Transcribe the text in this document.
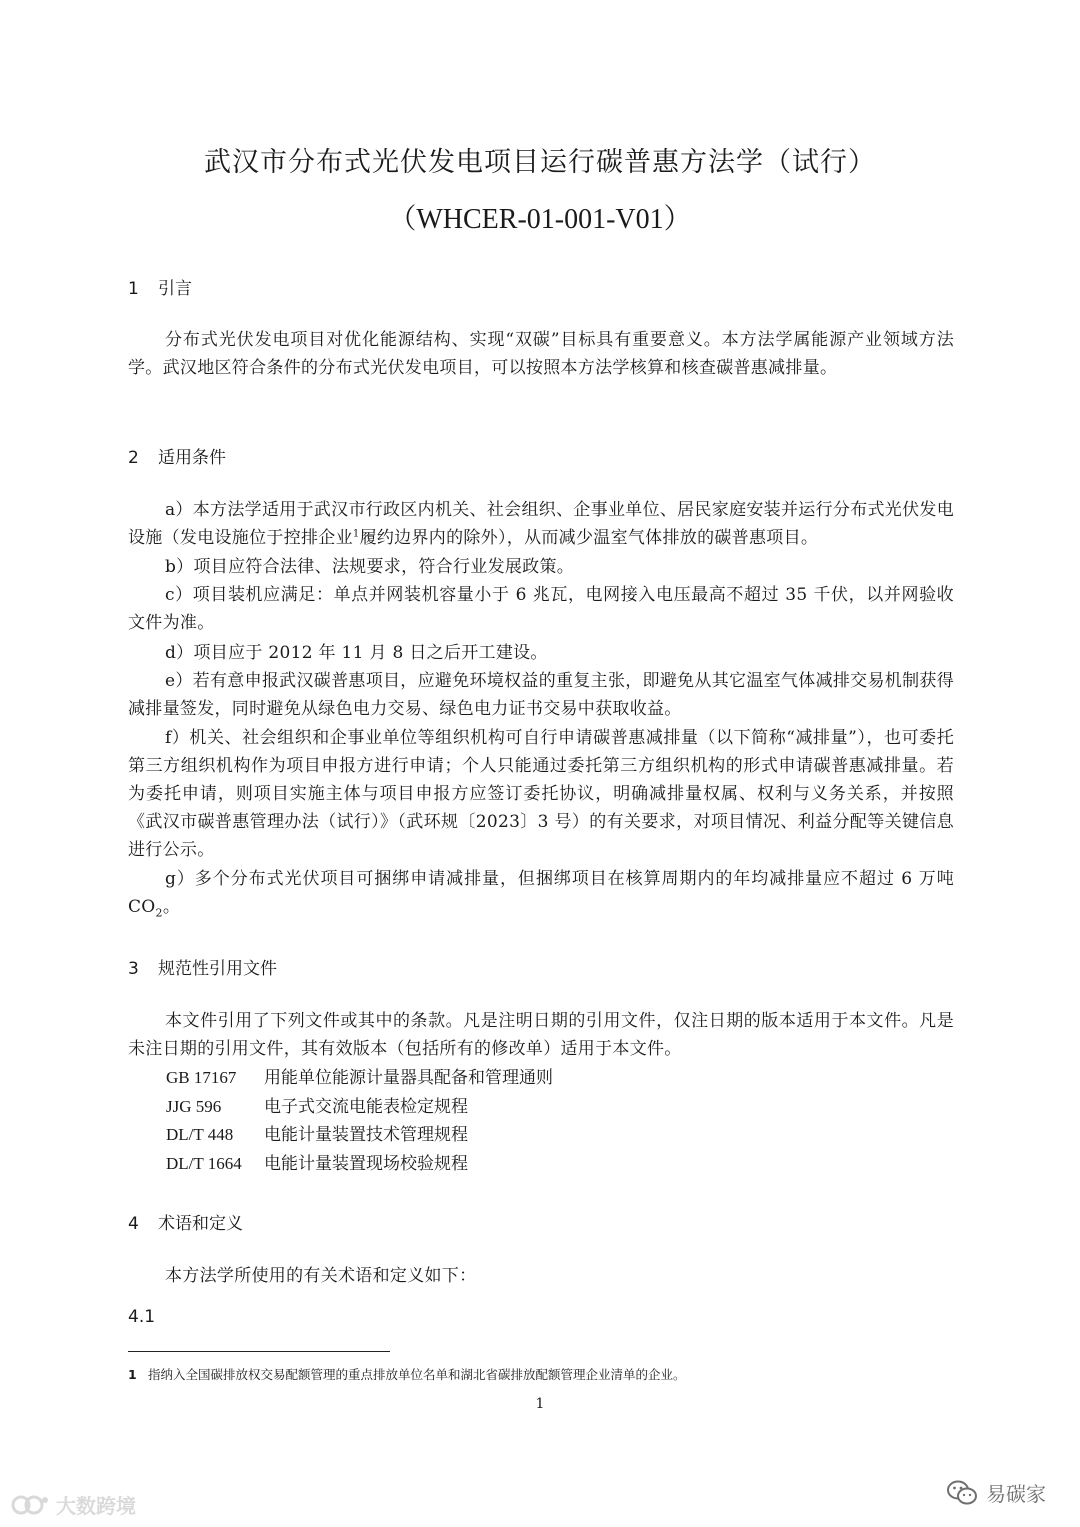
武汉市分布式光伏发电项目运行碳普惠方法学（试行）
（WHCER-01-001-V01）
1 引言

分布式光伏发电项目对优化能源结构、实现“双碳”目标具有重要意义。本方法学属能源产业领域方法学。武汉地区符合条件的分布式光伏发电项目，可以按照本方法学核算和核查碳普惠减排量。

2 适用条件

a）本方法学适用于武汉市行政区内机关、社会组织、企事业单位、居民家庭安装并运行分布式光伏发电设施（发电设施位于控排企业$^1$履约边界内的除外），从而减少温室气体排放的碳普惠项目。

b）项目应符合法律、法规要求，符合行业发展政策。

c）项目装机应满足：单点并网装机容量小于 6 兆瓦，电网接入电压最高不超过 35 千伏，以并网验收文件为准。

d）项目应于 2012 年 11 月 8 日之后开工建设。

e）若有意申报武汉碳普惠项目，应避免环境权益的重复主张，即避免从其它温室气体减排交易机制获得减排量签发，同时避免从绿色电力交易、绿色电力证书交易中获取收益。

f）机关、社会组织和企事业单位等组织机构可自行申请碳普惠减排量（以下简称“减排量”），也可委托第三方组织机构作为项目申报方进行申请；个人只能通过委托第三方组织机构的形式申请碳普惠减排量。若为委托申请，则项目实施主体与项目申报方应签订委托协议，明确减排量权属、权利与义务关系，并按照《武汉市碳普惠管理办法（试行）》（武环规〔2023〕3 号）的有关要求，对项目情况、利益分配等关键信息进行公示。

g）多个分布式光伏项目可捆绑申请减排量，但捆绑项目在核算周期内的年均减排量应不超过 6 万吨 $CO_2$。

3 规范性引用文件

本文件引用了下列文件或其中的条款。凡是注明日期的引用文件，仅注日期的版本适用于本文件。凡是未注日期的引用文件，其有效版本（包括所有的修改单）适用于本文件。

GB 17167 用能单位能源计量器具配备和管理通则

JJG 596	电子式交流电能表检定规程

DL/T 448 电能计量装置技术管理规程

DL/T 1664 电能计量装置现场校验规程

4 术语和定义

本方法学所使用的有关术语和定义如下：

4.1

1 指纳入全国碳排放权交易配额管理的重点排放单位名单和湖北省碳排放配额管理企业清单的企业。

1

大数跨境	易碳家
